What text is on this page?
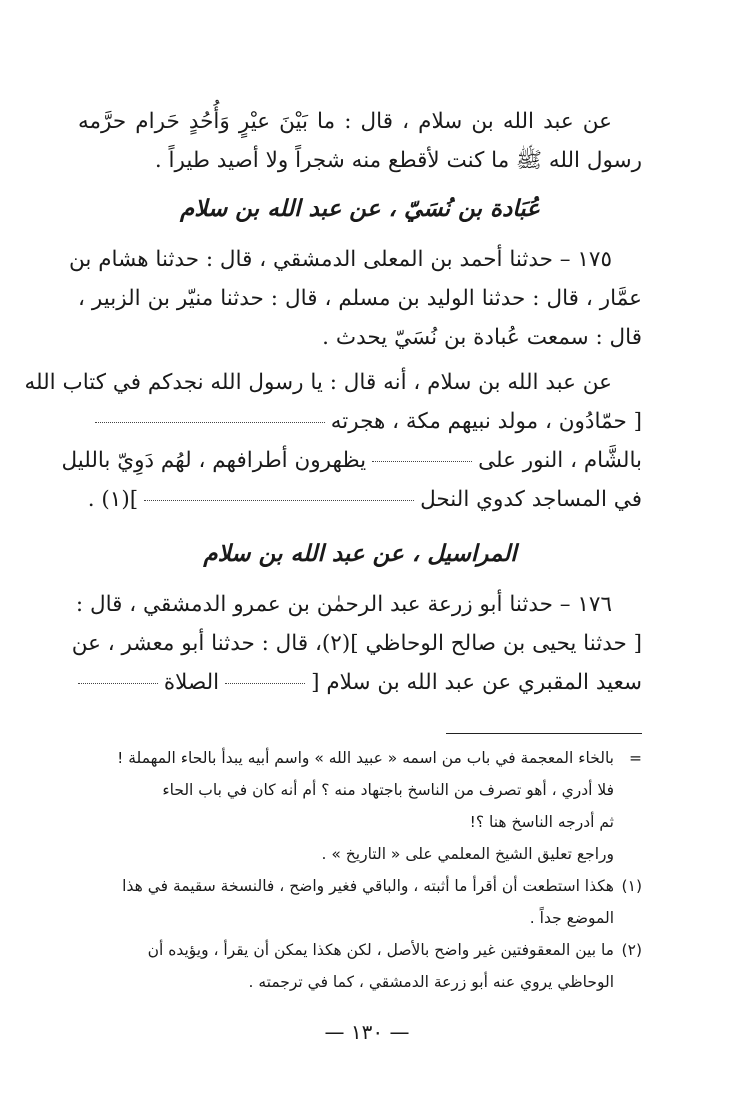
عن عبد الله بن سلام ، قال : ما بَيْنَ عيْرٍ وَأُحُدٍ حَرام حرَّمه
رسول الله ﷺ ما كنت لأقطع منه شجراً ولا أصيد طيراً .
عُبَادة بن نُسَيّ ، عن عبد الله بن سلام
١٧٥ – حدثنا أحمد بن المعلى الدمشقي ، قال : حدثنا هشام بن
عمَّار ، قال : حدثنا الوليد بن مسلم ، قال : حدثنا منيّر بن الزبير ،
قال : سمعت عُبادة بن نُسَيّ يحدث .
عن عبد الله بن سلام ، أنه قال : يا رسول الله نجدكم في كتاب الله
[ حمّادُون ، مولد نبيهم مكة ، هجرته
بالشَّام ، النور علىيظهرون أطرافهم ، لهُم دَوِيّ بالليل
في المساجد كدوي النحل](١) .
المراسيل ، عن عبد الله بن سلام
١٧٦ – حدثنا أبو زرعة عبد الرحمٰن بن عمرو الدمشقي ، قال :
[ حدثنا يحيى بن صالح الوحاظي ](٢)، قال : حدثنا أبو معشر ، عن
سعيد المقبري عن عبد الله بن سلام [الصلاة
=
بالخاء المعجمة في باب من اسمه « عبيد الله » واسم أبيه يبدأ بالحاء المهملة !
فلا أدري ، أهو تصرف من الناسخ باجتهاد منه ؟ أم أنه كان في باب الحاء
ثم أدرجه الناسخ هنا ؟!
وراجع تعليق الشيخ المعلمي على « التاريخ » .
(١)
هكذا استطعت أن أقرأ ما أثبته ، والباقي فغير واضح ، فالنسخة سقيمة في هذا
الموضع جداً .
(٢)
ما بين المعقوفتين غير واضح بالأصل ، لكن هكذا يمكن أن يقرأ ، ويؤيده أن
الوحاظي يروي عنه أبو زرعة الدمشقي ، كما في ترجمته .
— ١٣٠ —
